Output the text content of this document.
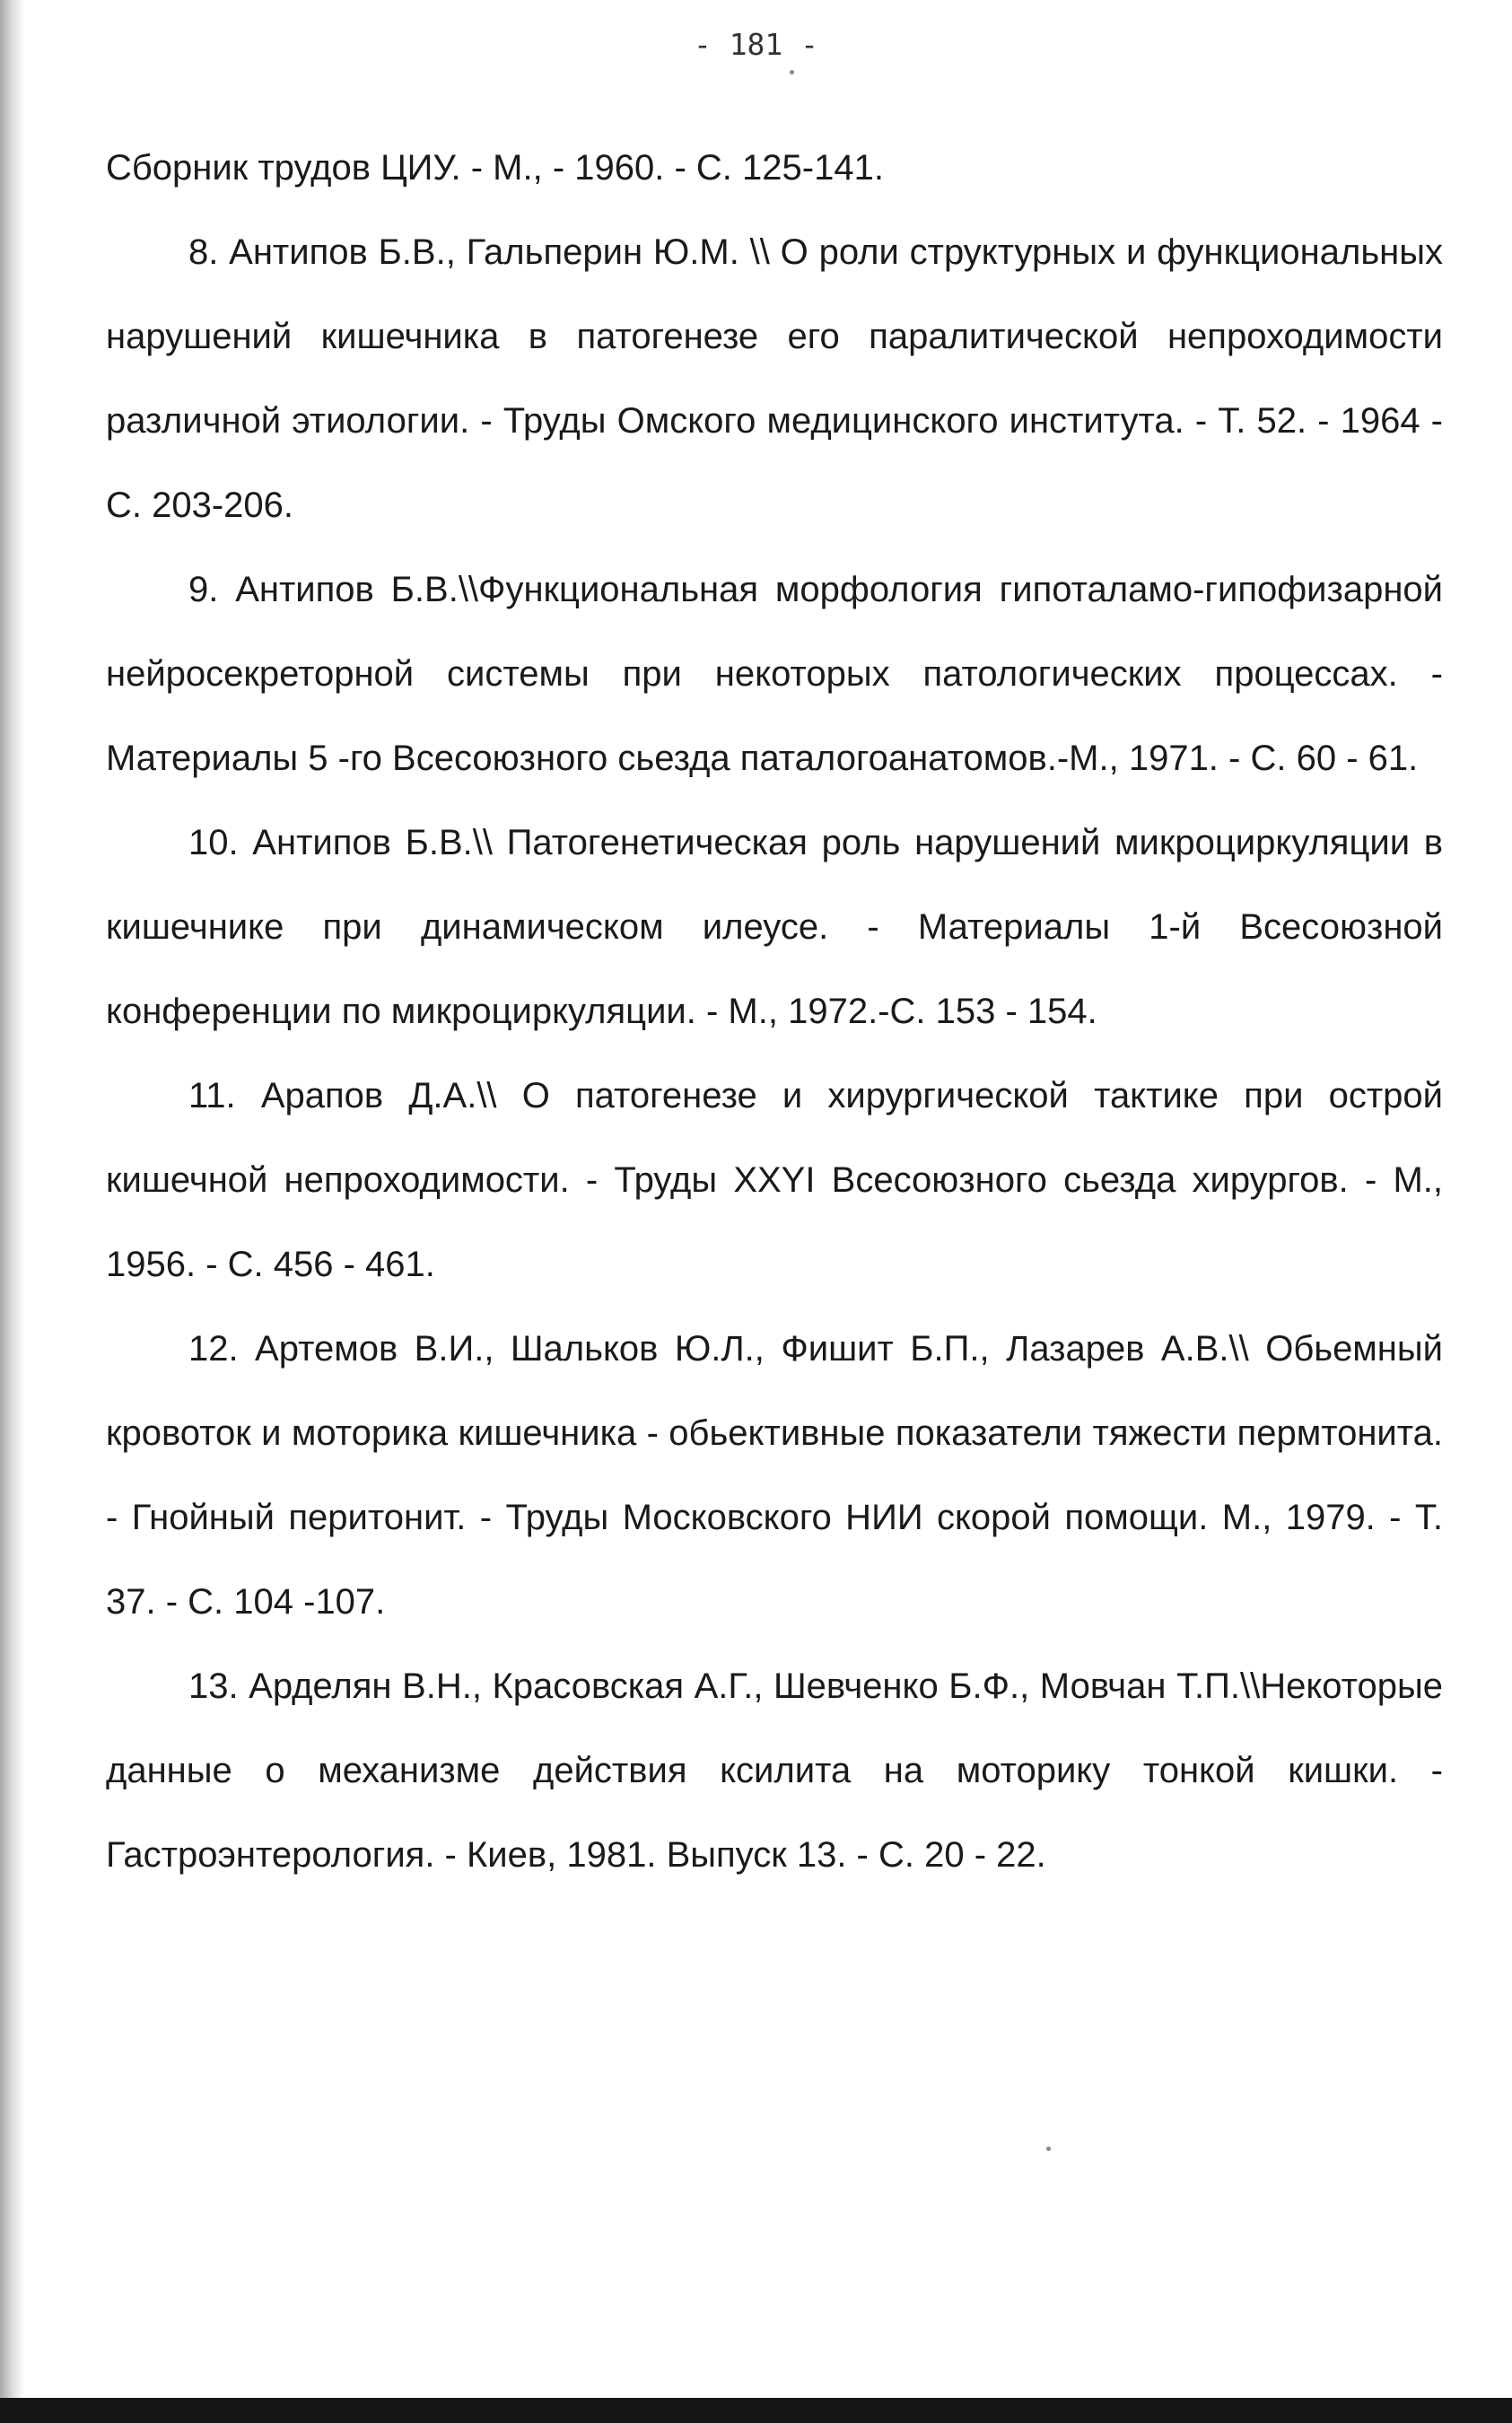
- 181 -

Сборник трудов ЦИУ. - М., - 1960. - С. 125-141.

8. Антипов Б.В., Гальперин Ю.М. \\ О роли структурных и функциональных нарушений кишечника в патогенезе его паралитической непроходимости различной этиологии. - Труды Омского медицинского института. - Т. 52. - 1964 - С. 203-206.

9. Антипов Б.В.\\Функциональная морфология гипоталамо-гипофизарной нейросекреторной системы при некоторых патологических процессах. - Материалы 5 -го Всесоюзного сьезда паталогоанатомов.-М., 1971. - С. 60 - 61.

10. Антипов Б.В.\\ Патогенетическая роль нарушений микроциркуляции в кишечнике при динамическом илеусе. - Материалы 1-й Всесоюзной конференции по микроциркуляции. - М., 1972.-С. 153 - 154.

11. Арапов Д.А.\\ О патогенезе и хирургической тактике при острой кишечной непроходимости. - Труды XXYI Всесоюзного сьезда хирургов. - М., 1956. - С. 456 - 461.

12. Артемов В.И., Шальков Ю.Л., Фишит Б.П., Лазарев А.В.\\ Обьемный кровоток и моторика кишечника - обьективные показатели тяжести пермтонита. - Гнойный перитонит. - Труды Московского НИИ скорой помощи. М., 1979. - Т. 37. - С. 104 -107.

13. Арделян В.Н., Красовская А.Г., Шевченко Б.Ф., Мовчан Т.П.\\Некоторые данные о механизме действия ксилита на моторику тонкой кишки. - Гастроэнтерология. - Киев, 1981. Выпуск 13. - С. 20 - 22.
